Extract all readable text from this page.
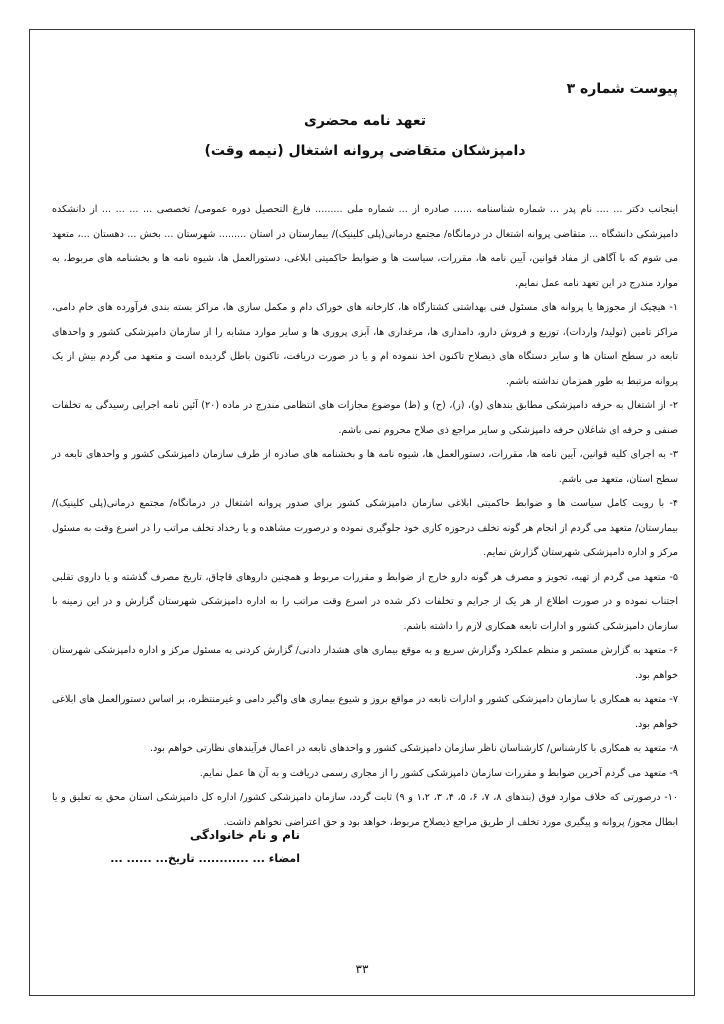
پیوست شماره ۳
تعهد نامه محضری
دامپزشکان متقاضی پروانه اشتغال (نیمه وقت)

اینجانب دکتر ... .... نام پدر ... شماره شناسنامه ...... صادره از ... شماره ملی ......... فارغ التحصیل دوره عمومی/ تخصصی ... ... ... ... از دانشکده دامپزشکی دانشگاه ... متقاضی پروانه اشتغال در درمانگاه/ مجتمع درمانی(پلی کلینیک)/ بیمارستان در استان ......... شهرستان ... بخش ... دهستان ...، متعهد می شوم که با آگاهی از مفاد قوانین، آیین نامه ها، مقررات، سیاست ها و ضوابط حاکمیتی ابلاغی، دستورالعمل ها، شیوه نامه ها و بخشنامه های مربوط، به موارد مندرج در این تعهد نامه عمل نمایم.

۱- هیچیک از مجوزها یا پروانه های مسئول فنی بهداشتی کشتارگاه ها، کارخانه های خوراک دام و مکمل سازی ها، مراکز بسته بندی فرآورده های خام دامی، مراکز تامین (تولید/ واردات)، توزیع و فروش دارو، دامداری ها، مرغداری ها، آبزی پروری ها و سایر موارد مشابه را از سازمان دامپزشکی کشور و واحدهای تابعه در سطح استان ها و سایر دستگاه های ذیصلاح تاکنون اخذ ننموده ام و یا در صورت دریافت، تاکنون باطل گردیده است و متعهد می گردم بیش از یک پروانه مرتبط به طور همزمان نداشته باشم.

۲- از اشتغال به حرفه دامپزشکی مطابق بندهای (و)، (ز)، (ح) و (ط) موضوع مجازات های انتظامی مندرج در ماده (۲۰) آئین نامه اجرایی رسیدگی به تخلفات صنفی و حرفه ای شاغلان حرفه دامپزشکی و سایر مراجع ذی صلاح محروم نمی باشم.

۳- به اجرای کلیه قوانین، آیین نامه ها، مقررات، دستورالعمل ها، شیوه نامه ها و بخشنامه های صادره از طرف سازمان دامپزشکی کشور و واحدهای تابعه در سطح استان، متعهد می باشم.

۴- با رویت کامل سیاست ها و ضوابط حاکمیتی ابلاغی سازمان دامپزشکی کشور برای صدور پروانه اشتغال در درمانگاه/ مجتمع درمانی(پلی کلینیک)/ بیمارستان/ متعهد می گردم از انجام هر گونه تخلف درحوزه کاری خود جلوگیری نموده و درصورت مشاهده و یا رخداد تخلف مراتب را در اسرع وقت به مسئول مرکز و اداره دامپزشکی شهرستان گزارش نمایم.

۵- متعهد می گردم از تهیه، تجویز و مصرف هر گونه دارو خارج از ضوابط و مقررات مربوط و همچنین داروهای قاچاق، تاریخ مصرف گذشته و یا داروی تقلبی اجتناب نموده و در صورت اطلاع از هر یک از جرایم و تخلفات ذکر شده در اسرع وقت مراتب را به اداره دامپزشکی شهرستان گزارش و در این زمینه با سازمان دامپزشکی کشور و ادارات تابعه همکاری لازم را داشته باشم.

۶- متعهد به گزارش مستمر و منظم عملکرد وگزارش سریع و به موقع بیماری های هشدار دادنی/ گزارش کردنی به مسئول مرکز و اداره دامپزشکی شهرستان خواهم بود.

۷- متعهد به همکاری با سازمان دامپزشکی کشور و ادارات تابعه در مواقع بروز و شیوع بیماری های واگیر دامی و غیرمنتظره، بر اساس دستورالعمل های ابلاغی خواهم بود.

۸- متعهد به همکاری با کارشناس/ کارشناسان ناظر سازمان دامپزشکی کشور و واحدهای تابعه در اعمال فرآیندهای نظارتی خواهم بود.

۹- متعهد می گردم آخرین ضوابط و مقررات سازمان دامپزشکی کشور را از مجاری رسمی دریافت و به آن ها عمل نمایم.

۱۰- درصورتی که خلاف موارد فوق (بندهای ۸، ۷، ۶، ۵، ۴، ۳، ۱،۲ و ۹) ثابت گردد، سازمان دامپزشکی کشور/ اداره کل دامپزشکی استان محق به تعلیق و یا ابطال مجوز/ پروانه و پیگیری مورد تخلف از طریق مراجع ذیصلاح مربوط، خواهد بود و حق اعتراضی نخواهم داشت.

نام و نام خانوادگی
امضاء ... ............ تاریخ... ...... ...
۳۳
